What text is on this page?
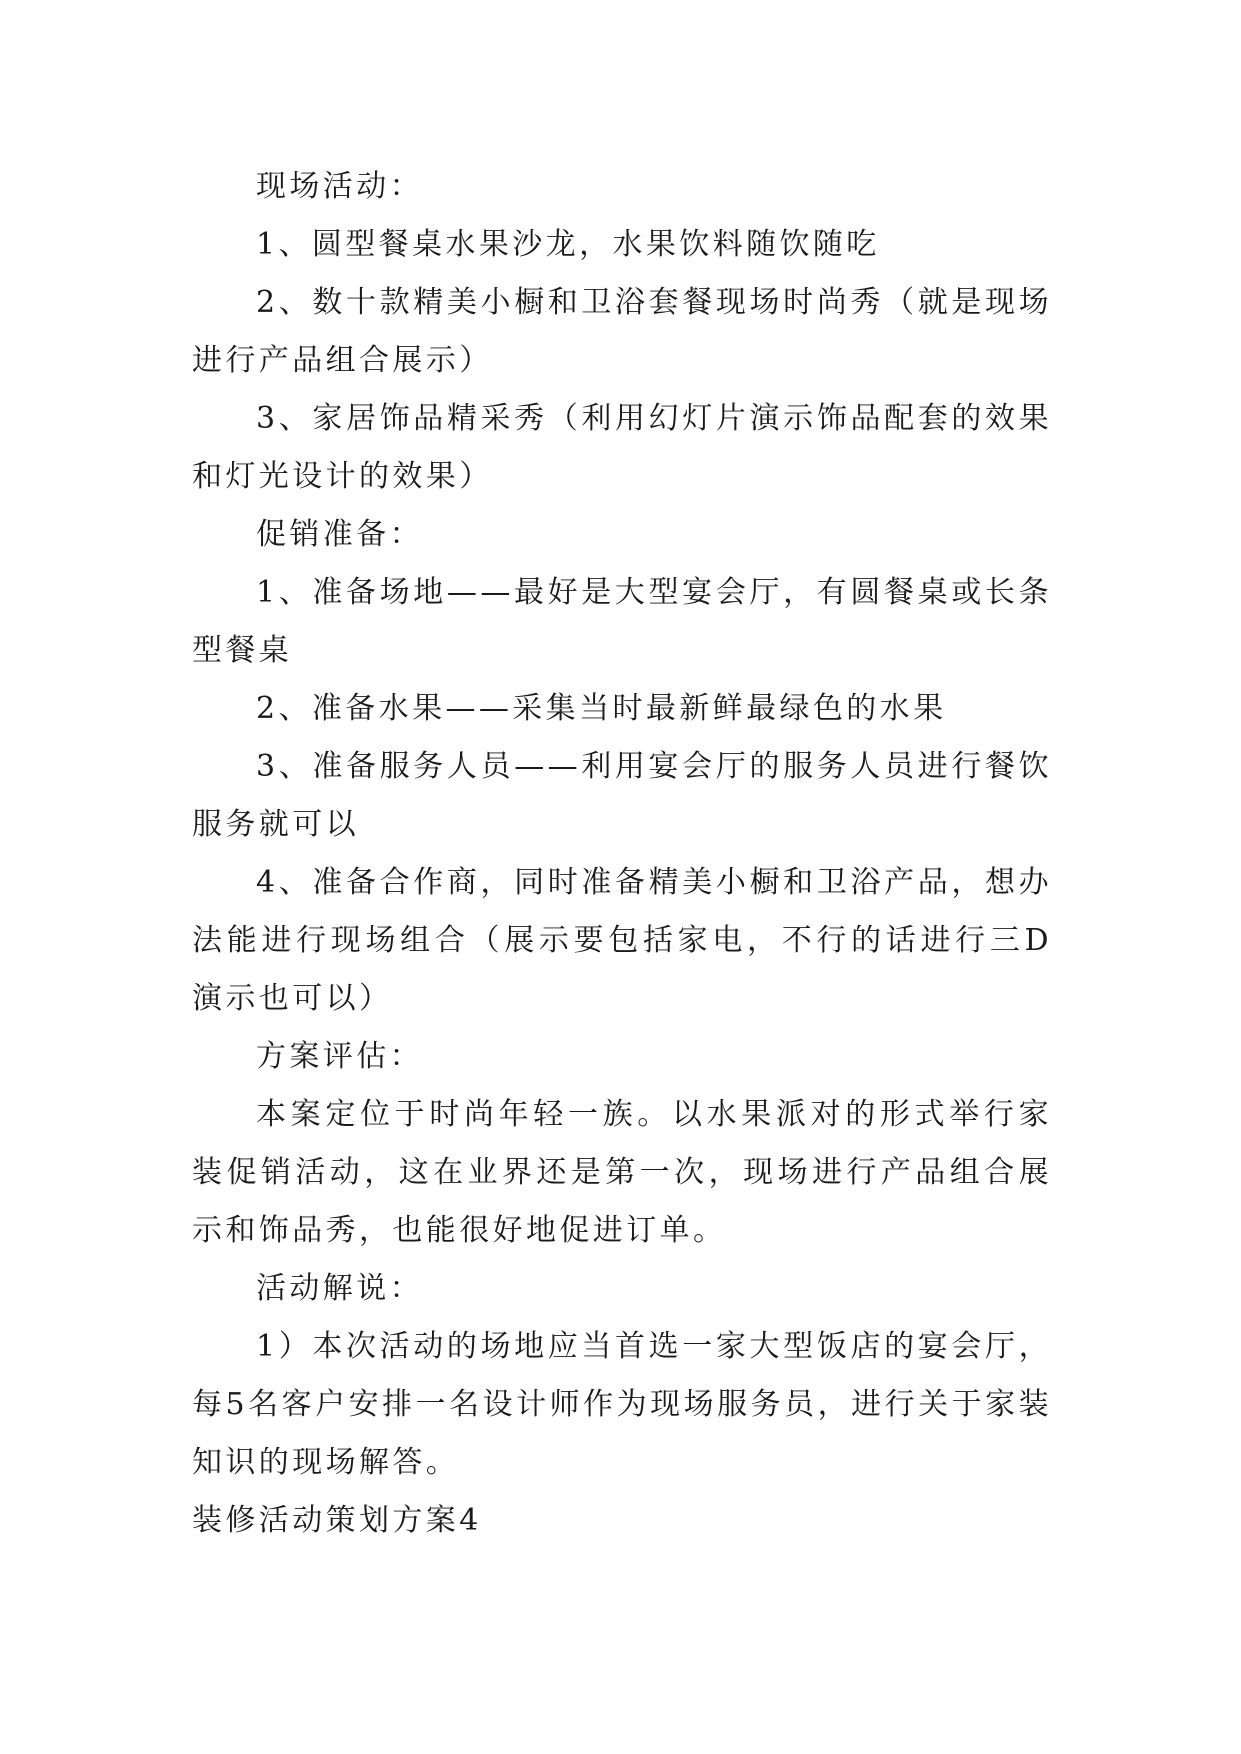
现场活动：

1、圆型餐桌水果沙龙，水果饮料随饮随吃

2、数十款精美小橱和卫浴套餐现场时尚秀（就是现场进行产品组合展示）

3、家居饰品精采秀（利用幻灯片演示饰品配套的效果和灯光设计的效果）

促销准备：

1、准备场地——最好是大型宴会厅，有圆餐桌或长条型餐桌

2、准备水果——采集当时最新鲜最绿色的水果

3、准备服务人员——利用宴会厅的服务人员进行餐饮服务就可以

4、准备合作商，同时准备精美小橱和卫浴产品，想办法能进行现场组合（展示要包括家电，不行的话进行三D演示也可以）

方案评估：

本案定位于时尚年轻一族。以水果派对的形式举行家装促销活动，这在业界还是第一次，现场进行产品组合展示和饰品秀，也能很好地促进订单。

活动解说：

1）本次活动的场地应当首选一家大型饭店的宴会厅，每5名客户安排一名设计师作为现场服务员，进行关于家装知识的现场解答。

装修活动策划方案4
